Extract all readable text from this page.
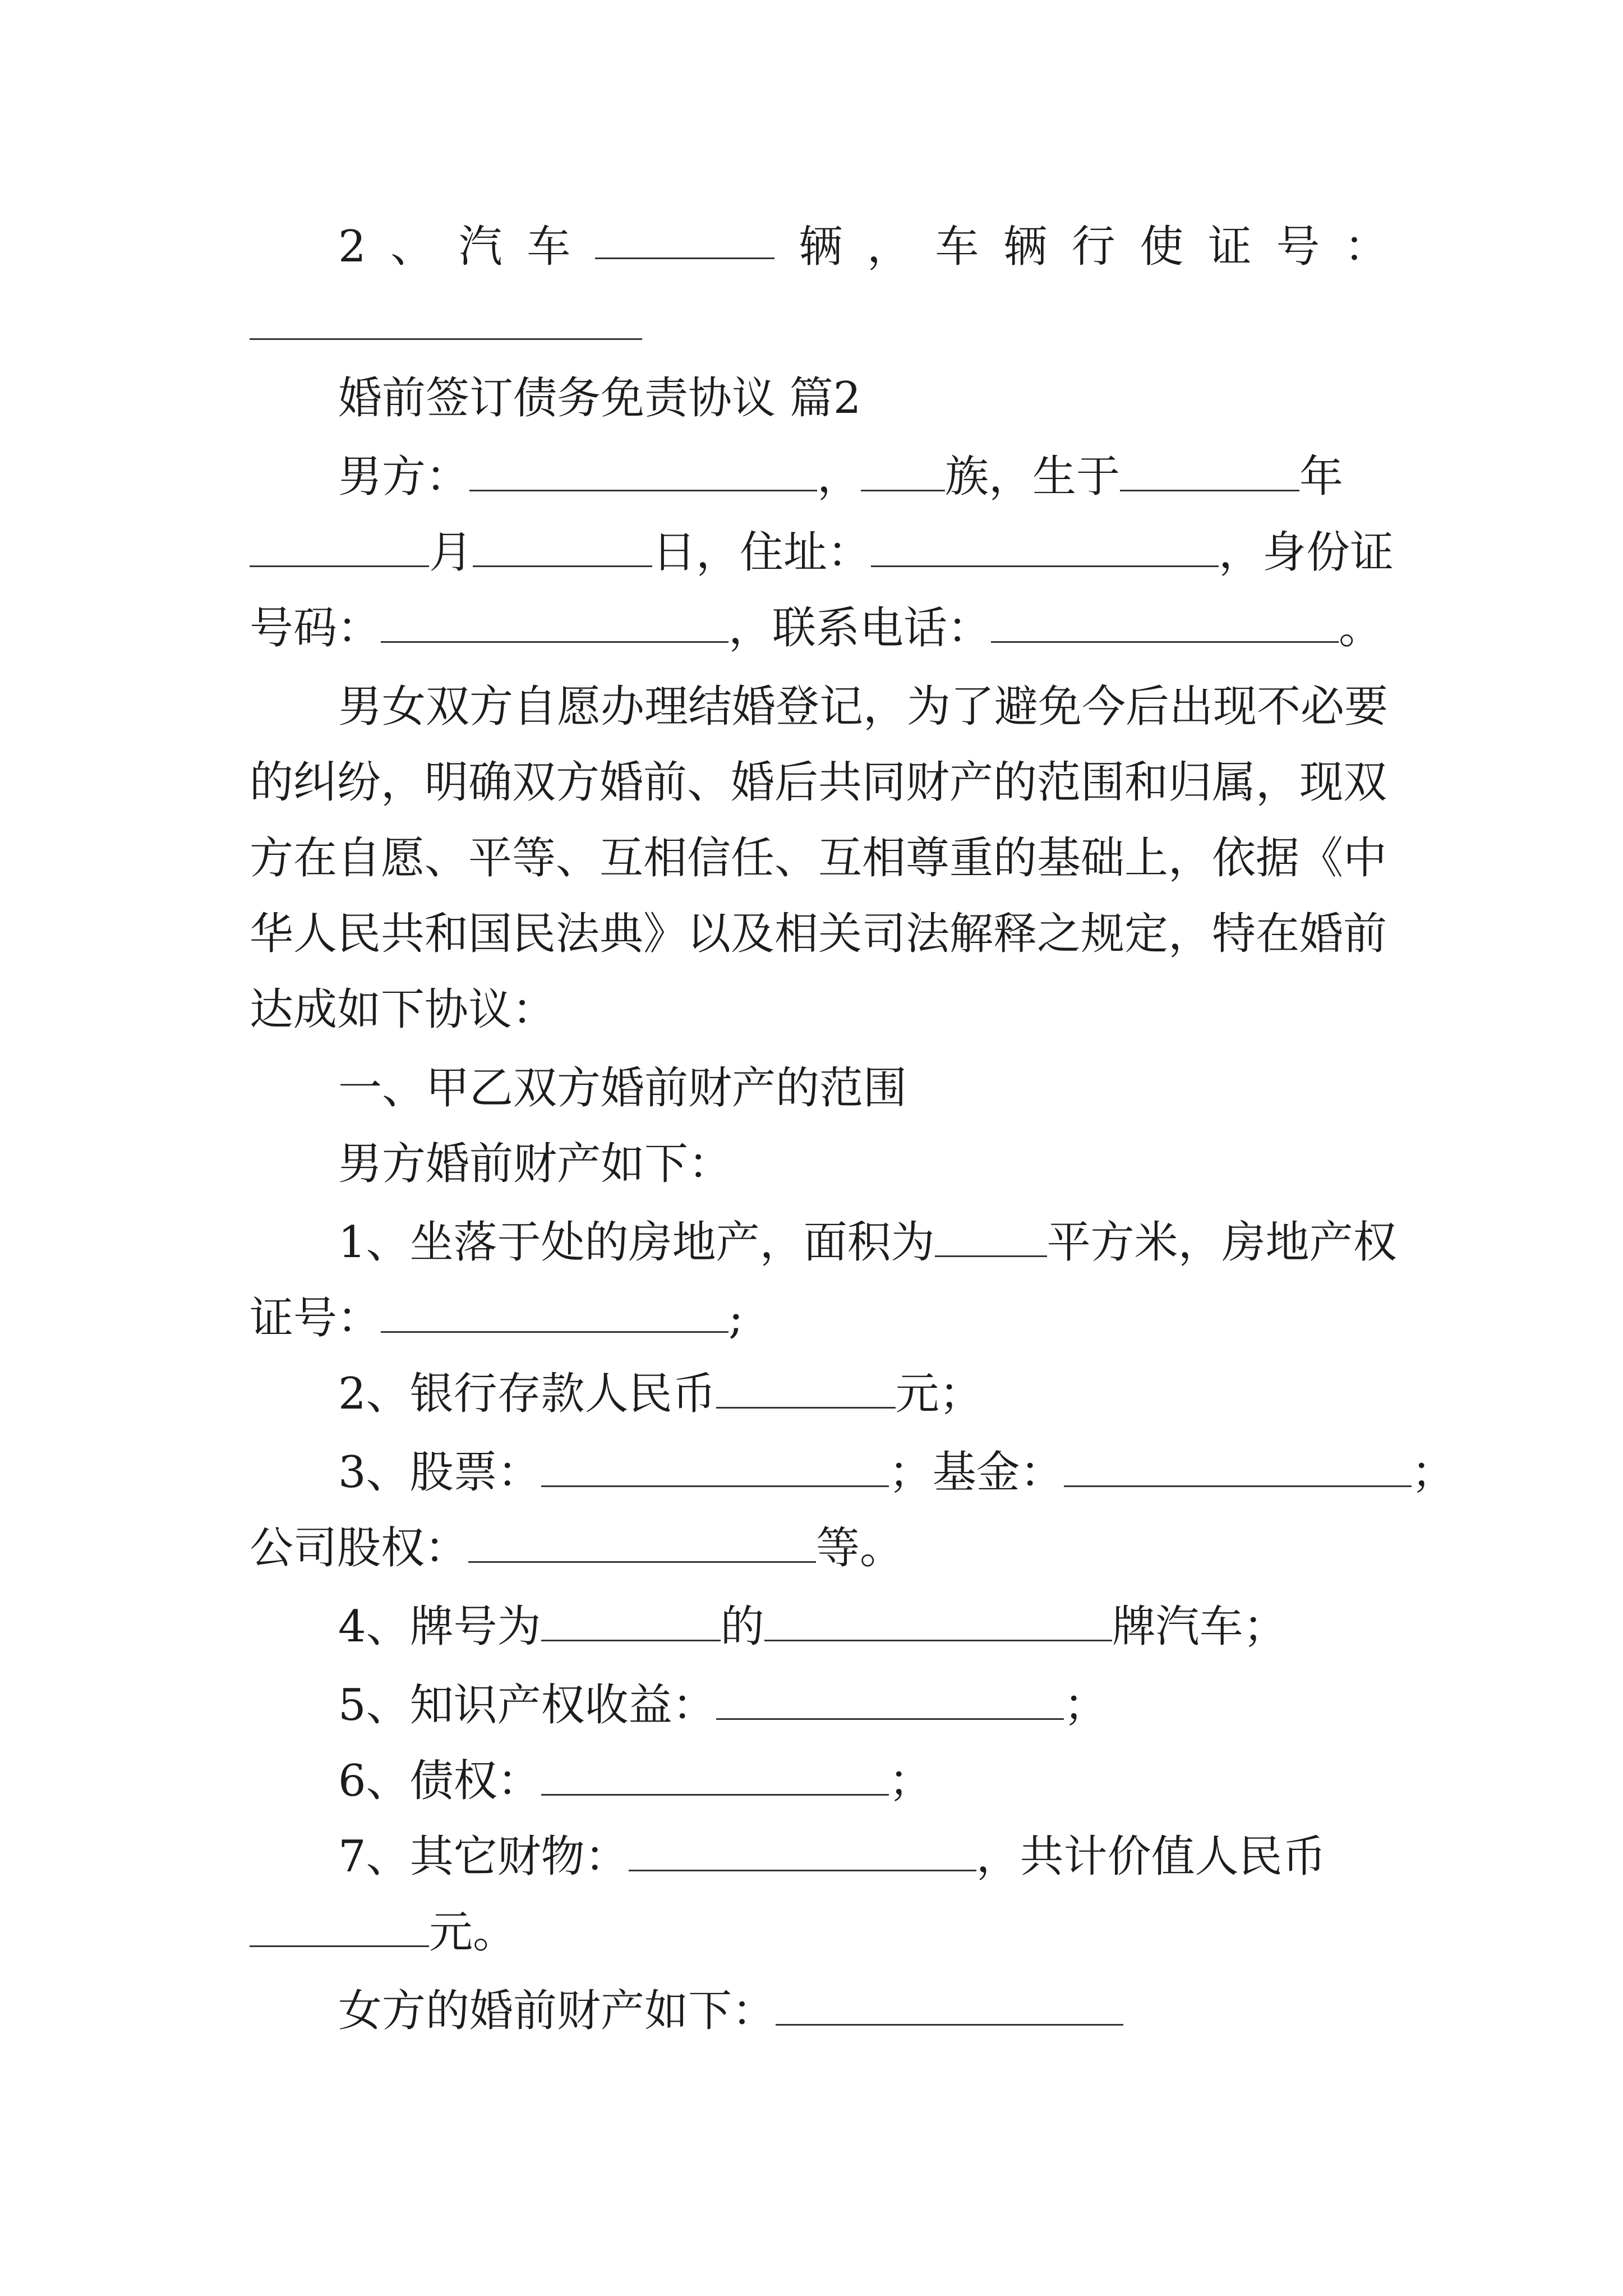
2 、 汽 车	辆 ， 车 辆 行 使 证 号 ：
婚前签订债务免责协议 篇2
男方：	， 族，生于	年
月	日，住址：	，身份证
号码：	，联系电话：	。
男女双方自愿办理结婚登记，为了避免今后出现不必要
的纠纷，明确双方婚前、婚后共同财产的范围和归属，现双
方在自愿、平等、互相信任、互相尊重的基础上，依据《中
华人民共和国民法典》以及相关司法解释之规定，特在婚前
达成如下协议：
一、甲乙双方婚前财产的范围
男方婚前财产如下：
1、坐落于处的房地产，面积为	平方米，房地产权
证号：	;
2、银行存款人民币	元；
3、股票：	；基金：	；
公司股权：	等。
4、牌号为	的	牌汽车；
5、知识产权收益：	；
6、债权：	；
7、其它财物：	，共计价值人民币
元。
女方的婚前财产如下：
